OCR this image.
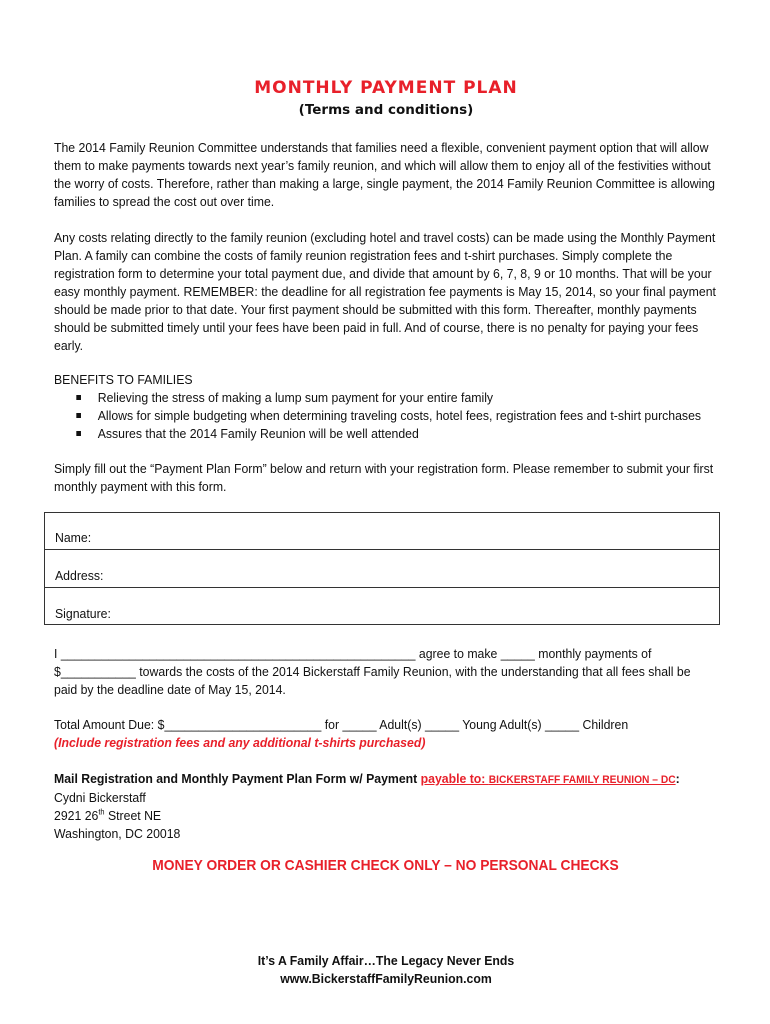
MONTHLY PAYMENT PLAN
(Terms and conditions)
The 2014 Family Reunion Committee understands that families need a flexible, convenient payment option that will allow them to make payments towards next year’s family reunion, and which will allow them to enjoy all of the festivities without the worry of costs. Therefore, rather than making a large, single payment, the 2014 Family Reunion Committee is allowing families to spread the cost out over time.
Any costs relating directly to the family reunion (excluding hotel and travel costs) can be made using the Monthly Payment Plan. A family can combine the costs of family reunion registration fees and t-shirt purchases. Simply complete the registration form to determine your total payment due, and divide that amount by 6, 7, 8, 9 or 10 months. That will be your easy monthly payment. REMEMBER: the deadline for all registration fee payments is May 15, 2014, so your final payment should be made prior to that date. Your first payment should be submitted with this form. Thereafter, monthly payments should be submitted timely until your fees have been paid in full. And of course, there is no penalty for paying your fees early.
BENEFITS TO FAMILIES
Relieving the stress of making a lump sum payment for your entire family
Allows for simple budgeting when determining traveling costs, hotel fees, registration fees and t-shirt purchases
Assures that the 2014 Family Reunion will be well attended
Simply fill out the “Payment Plan Form” below and return with your registration form. Please remember to submit your first monthly payment with this form.
Name:
Address:
Signature:
I ____________________________________________________ agree to make _____ monthly payments of
$___________ towards the costs of the 2014 Bickerstaff Family Reunion, with the understanding that all fees shall be
paid by the deadline date of May 15, 2014.
Total Amount Due: $_______________________ for _____ Adult(s) _____ Young Adult(s) _____ Children
(Include registration fees and any additional t-shirts purchased)
Mail Registration and Monthly Payment Plan Form w/ Payment payable to: BICKERSTAFF FAMILY REUNION – DC:
Cydni Bickerstaff
2921 26th Street NE
Washington, DC 20018
MONEY ORDER OR CASHIER CHECK ONLY – NO PERSONAL CHECKS
It’s A Family Affair…The Legacy Never Ends
www.BickerstaffFamilyReunion.com
